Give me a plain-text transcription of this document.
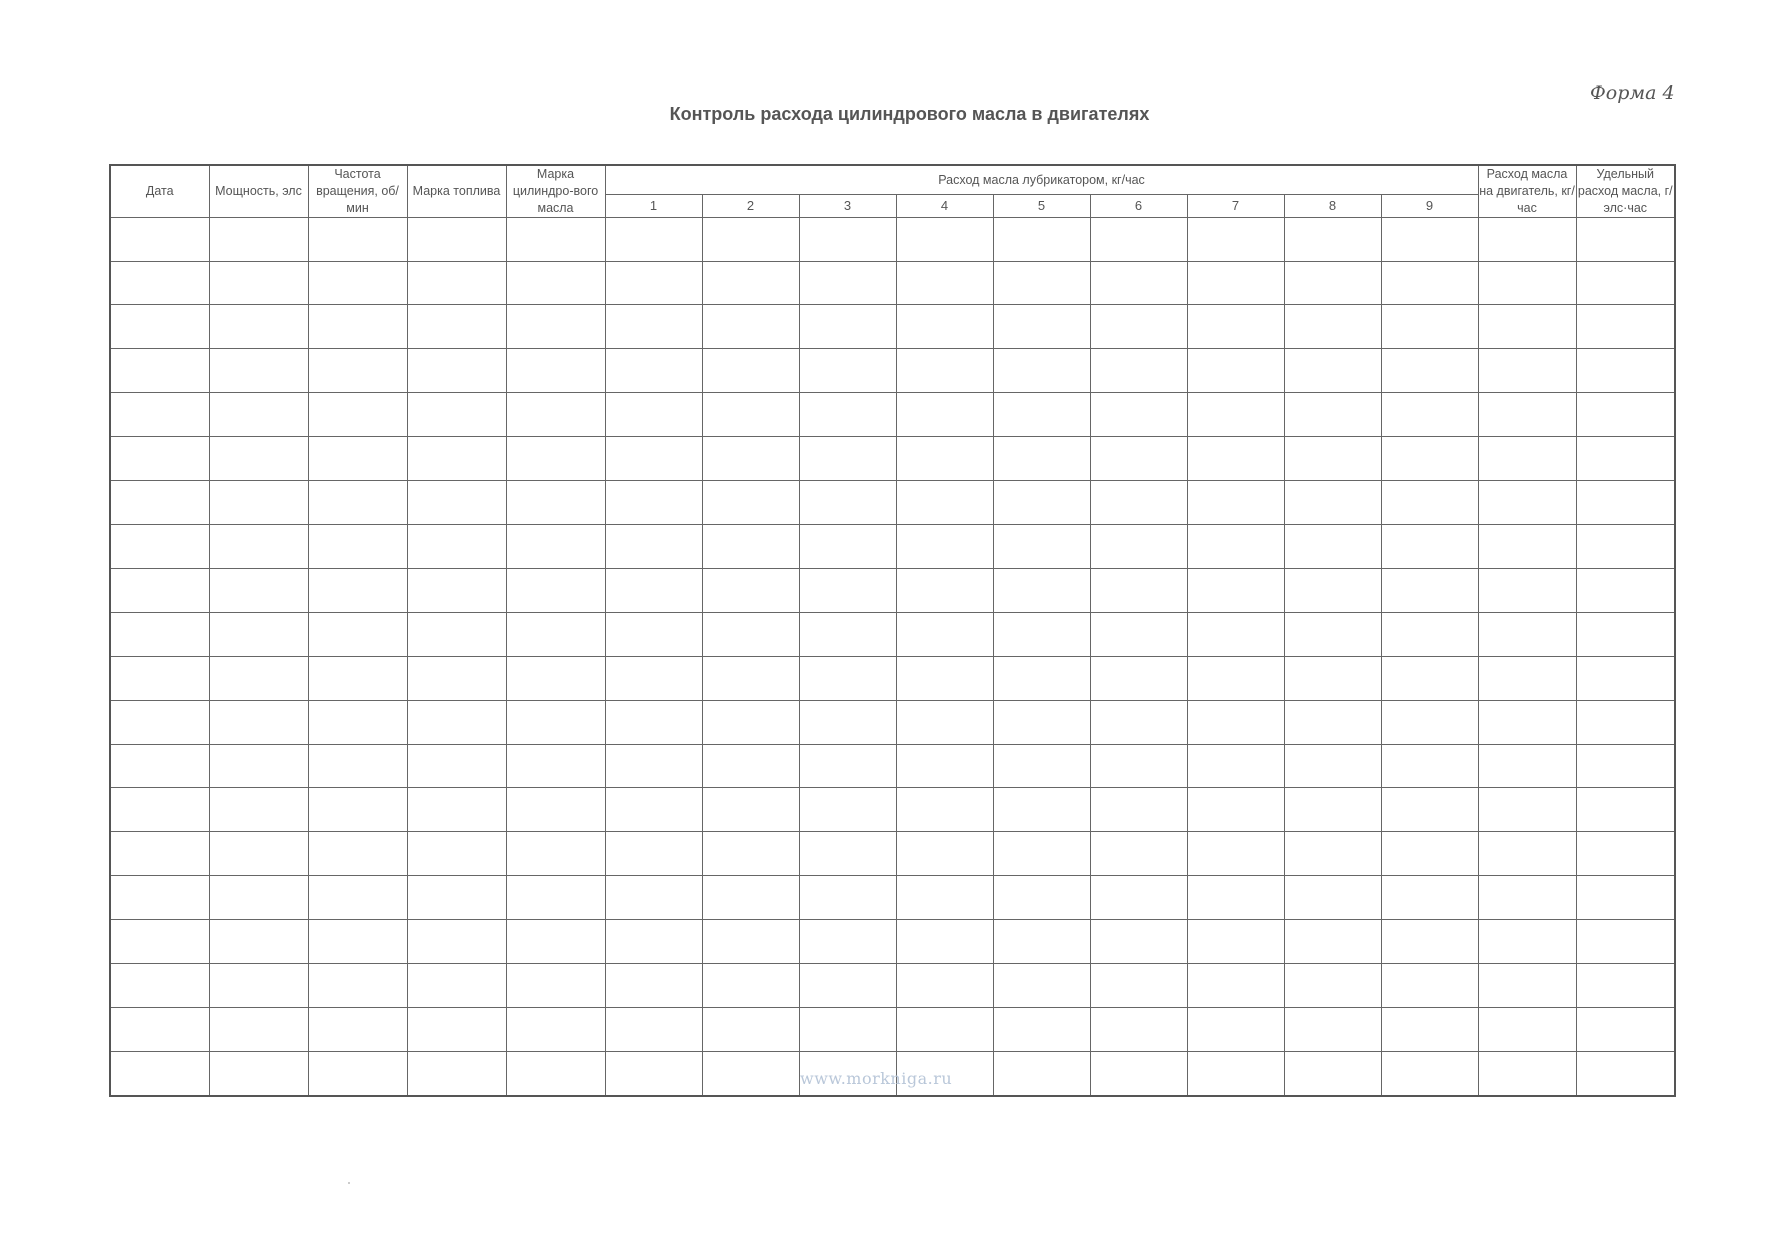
Форма 4
Контроль расхода цилиндрового масла в двигателях
Дата	Мощность, элс	Частота вращения, об/мин	Марка топлива	Марка цилиндро-вого масла	Расход масла лубрикатором, кг/час									Расход масла на двигатель, кг/час	Удельный расход масла, г/элс·час
					1	2	3	4	5	6	7	8	9		

www.morkniga.ru
